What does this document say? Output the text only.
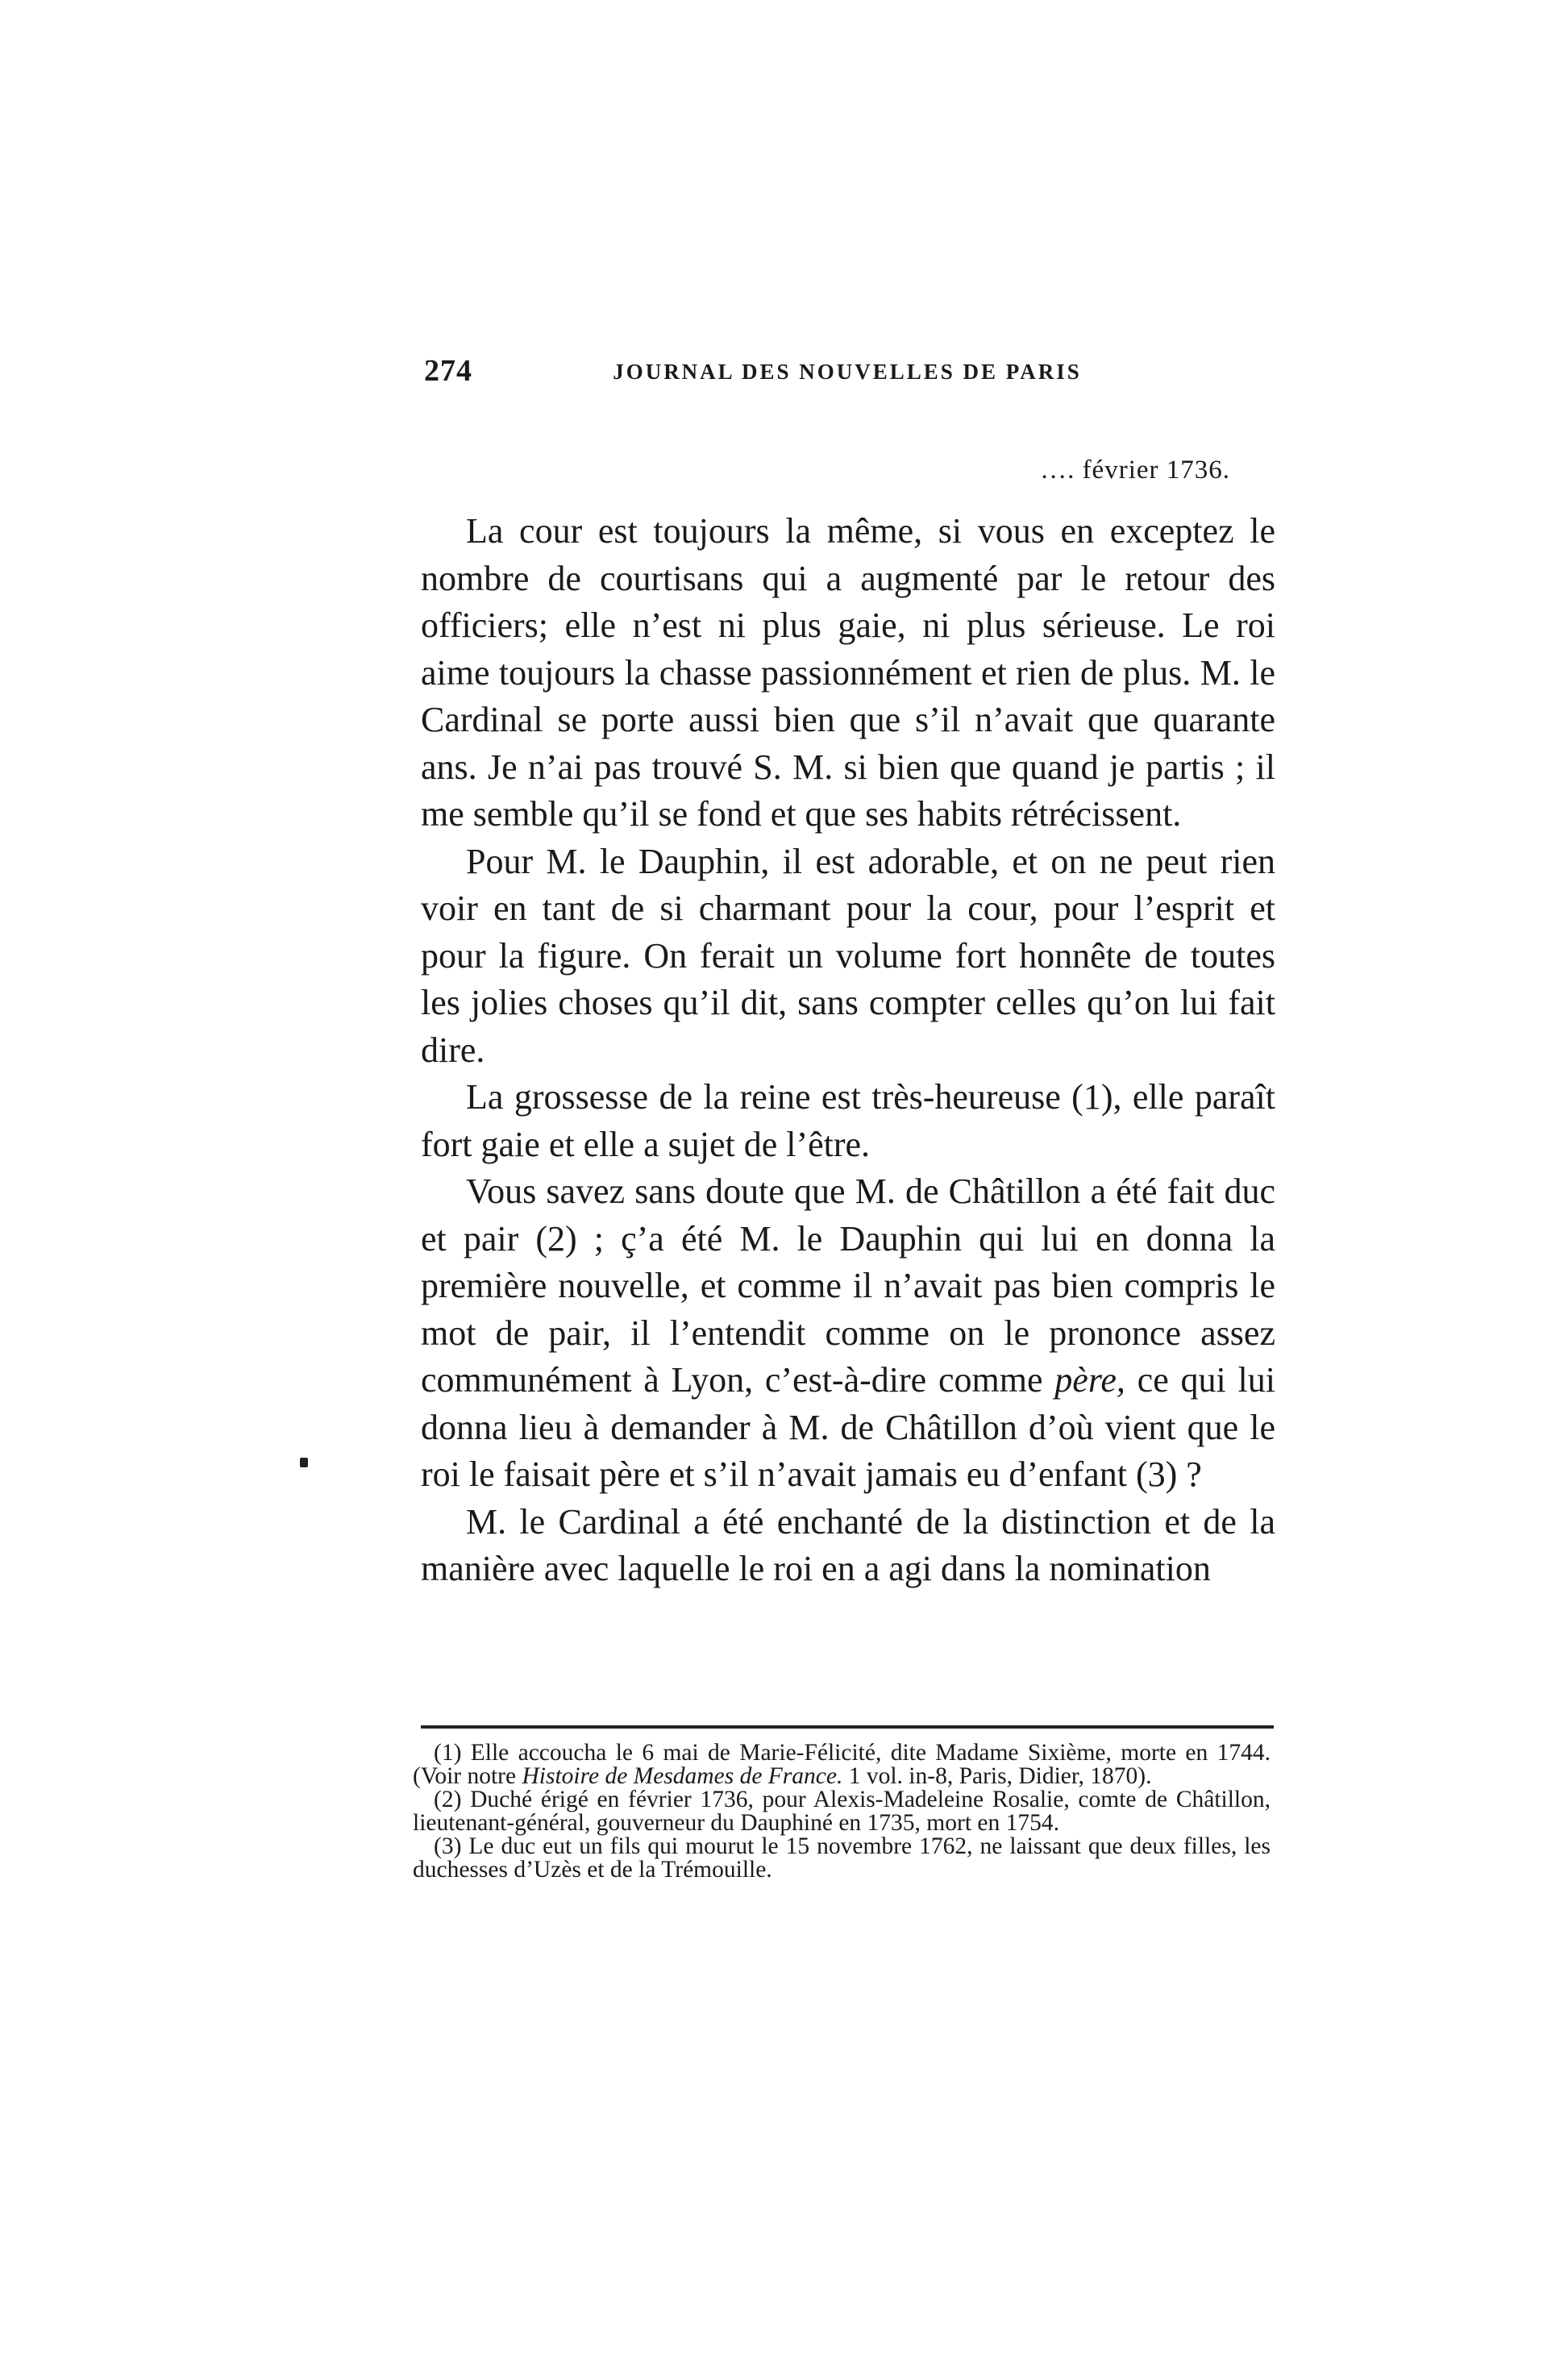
274	JOURNAL DES NOUVELLES DE PARIS
…. février 1736.

La cour est toujours la même, si vous en exceptez le nombre de courtisans qui a augmenté par le retour des officiers; elle n’est ni plus gaie, ni plus sérieuse. Le roi aime toujours la chasse passionnément et rien de plus. M. le Cardinal se porte aussi bien que s’il n’avait que quarante ans. Je n’ai pas trouvé S. M. si bien que quand je partis ; il me semble qu’il se fond et que ses habits rétrécissent.

Pour M. le Dauphin, il est adorable, et on ne peut rien voir en tant de si charmant pour la cour, pour l’esprit et pour la figure. On ferait un volume fort honnête de toutes les jolies choses qu’il dit, sans compter celles qu’on lui fait dire.

La grossesse de la reine est très-heureuse (1), elle paraît fort gaie et elle a sujet de l’être.

Vous savez sans doute que M. de Châtillon a été fait duc et pair (2) ; ç’a été M. le Dauphin qui lui en donna la première nouvelle, et comme il n’avait pas bien compris le mot de pair, il l’entendit comme on le prononce assez communément à Lyon, c’est-à-dire comme père, ce qui lui donna lieu à demander à M. de Châtillon d’où vient que le roi le faisait père et s’il n’avait jamais eu d’enfant (3) ?

M. le Cardinal a été enchanté de la distinction et de la manière avec laquelle le roi en a agi dans la nomination

(1) Elle accoucha le 6 mai de Marie-Félicité, dite Madame Sixième, morte en 1744. (Voir notre Histoire de Mesdames de France. 1 vol. in-8, Paris, Didier, 1870).

(2) Duché érigé en février 1736, pour Alexis-Madeleine Rosalie, comte de Châtillon, lieutenant-général, gouverneur du Dauphiné en 1735, mort en 1754.

(3) Le duc eut un fils qui mourut le 15 novembre 1762, ne laissant que deux filles, les duchesses d’Uzès et de la Trémouille.
